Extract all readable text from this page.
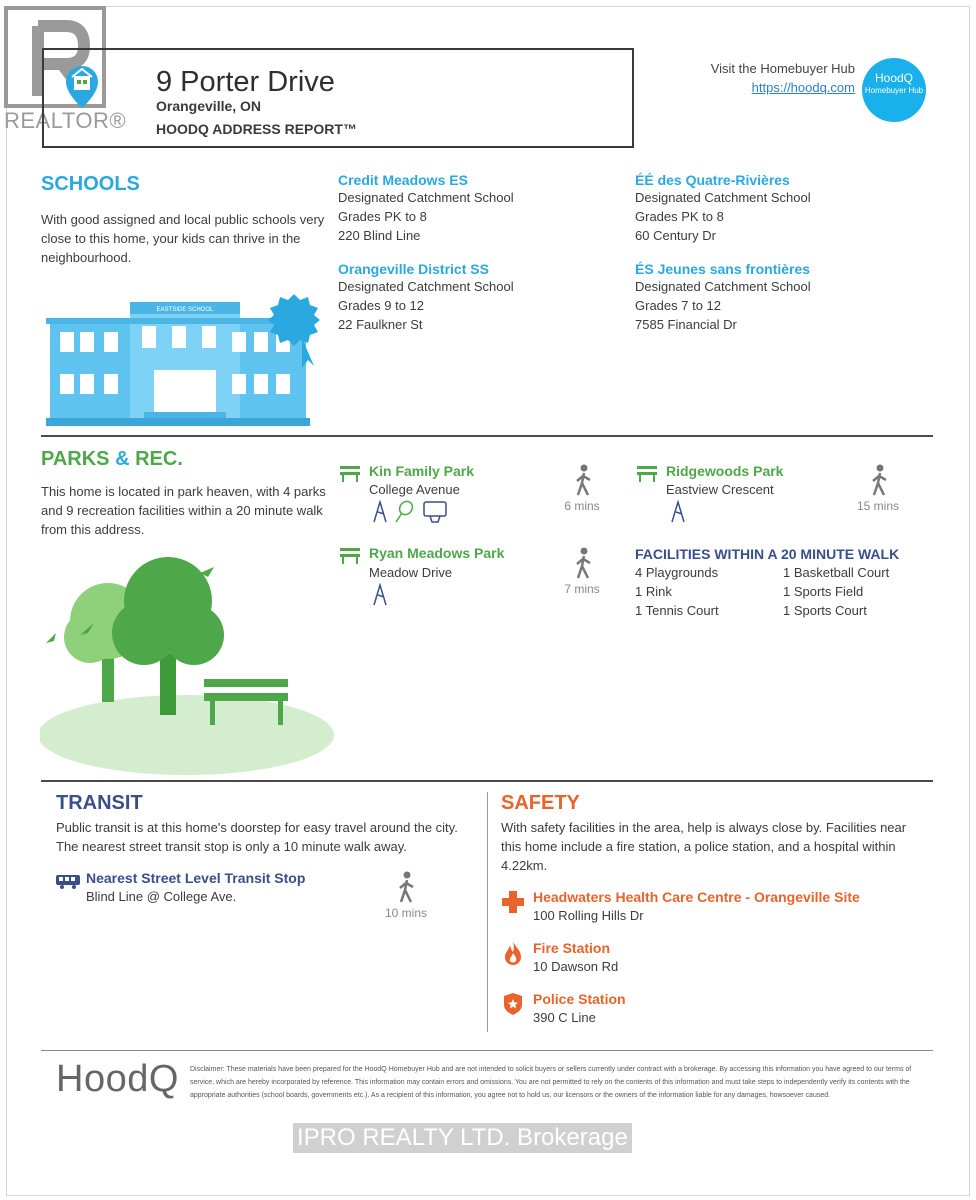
REALTOR®
9 Porter Drive
Orangeville, ON
HOODQ ADDRESS REPORT™
Visit the Homebuyer Hub
https://hoodq.com
HoodQ
Homebuyer Hub
SCHOOLS
With good assigned and local public schools very close to this home, your kids can thrive in the neighbourhood.
EASTSIDE SCHOOL
Credit Meadows ES
Designated Catchment School
Grades PK to 8
220 Blind Line
ÉÉ des Quatre-Rivières
Designated Catchment School
Grades PK to 8
60 Century Dr
Orangeville District SS
Designated Catchment School
Grades 9 to 12
22 Faulkner St
ÉS Jeunes sans frontières
Designated Catchment School
Grades 7 to 12
7585 Financial Dr
PARKS & REC.
This home is located in park heaven, with 4 parks and 9 recreation facilities within a 20 minute walk from this address.
Kin Family Park
College Avenue
6 mins
Ridgewoods Park
Eastview Crescent
15 mins
Ryan Meadows Park
Meadow Drive
7 mins
FACILITIES WITHIN A 20 MINUTE WALK
4 Playgrounds	1 Basketball Court
1 Rink	1 Sports Field
1 Tennis Court	1 Sports Court
TRANSIT
Public transit is at this home's doorstep for easy travel around the city. The nearest street transit stop is only a 10 minute walk away.
Nearest Street Level Transit Stop
Blind Line @ College Ave.
10 mins
SAFETY
With safety facilities in the area, help is always close by. Facilities near this home include a fire station, a police station, and a hospital within 4.22km.
Headwaters Health Care Centre - Orangeville Site
100 Rolling Hills Dr
Fire Station
10 Dawson Rd
Police Station
390 C Line
HoodQ Disclaimer: These materials have been prepared for the HoodQ Homebuyer Hub and are not intended to solicit buyers or sellers currently under contract with a brokerage. By accessing this information you have agreed to our terms of service, which are hereby incorporated by reference. This information may contain errors and omissions. You are not permitted to rely on the contents of this information and must take steps to independently verify its contents with the appropriate authorities (school boards, governments etc.). As a recipient of this information, you agree not to hold us, our licensors or the owners of the information liable for any damages, howsoever caused.
IPRO REALTY LTD. Brokerage
